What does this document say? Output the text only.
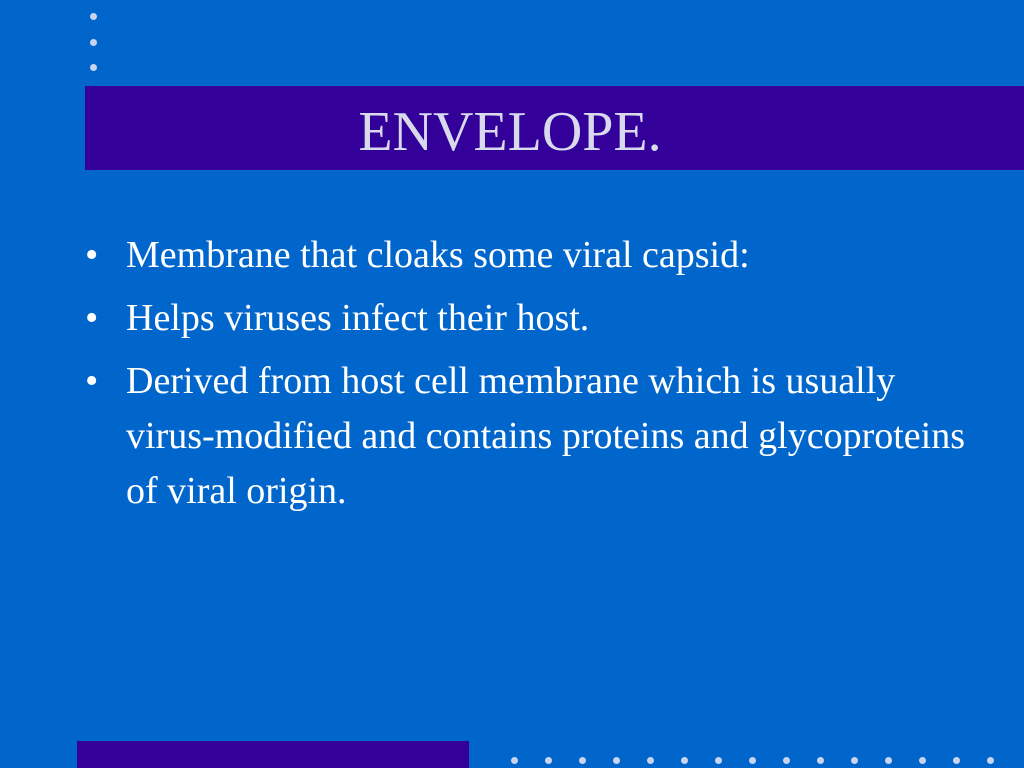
ENVELOPE.
• Membrane that cloaks some viral capsid:
• Helps viruses infect their host.
• Derived from host cell membrane which is usually virus-modified and contains proteins and glycoproteins of viral origin.
